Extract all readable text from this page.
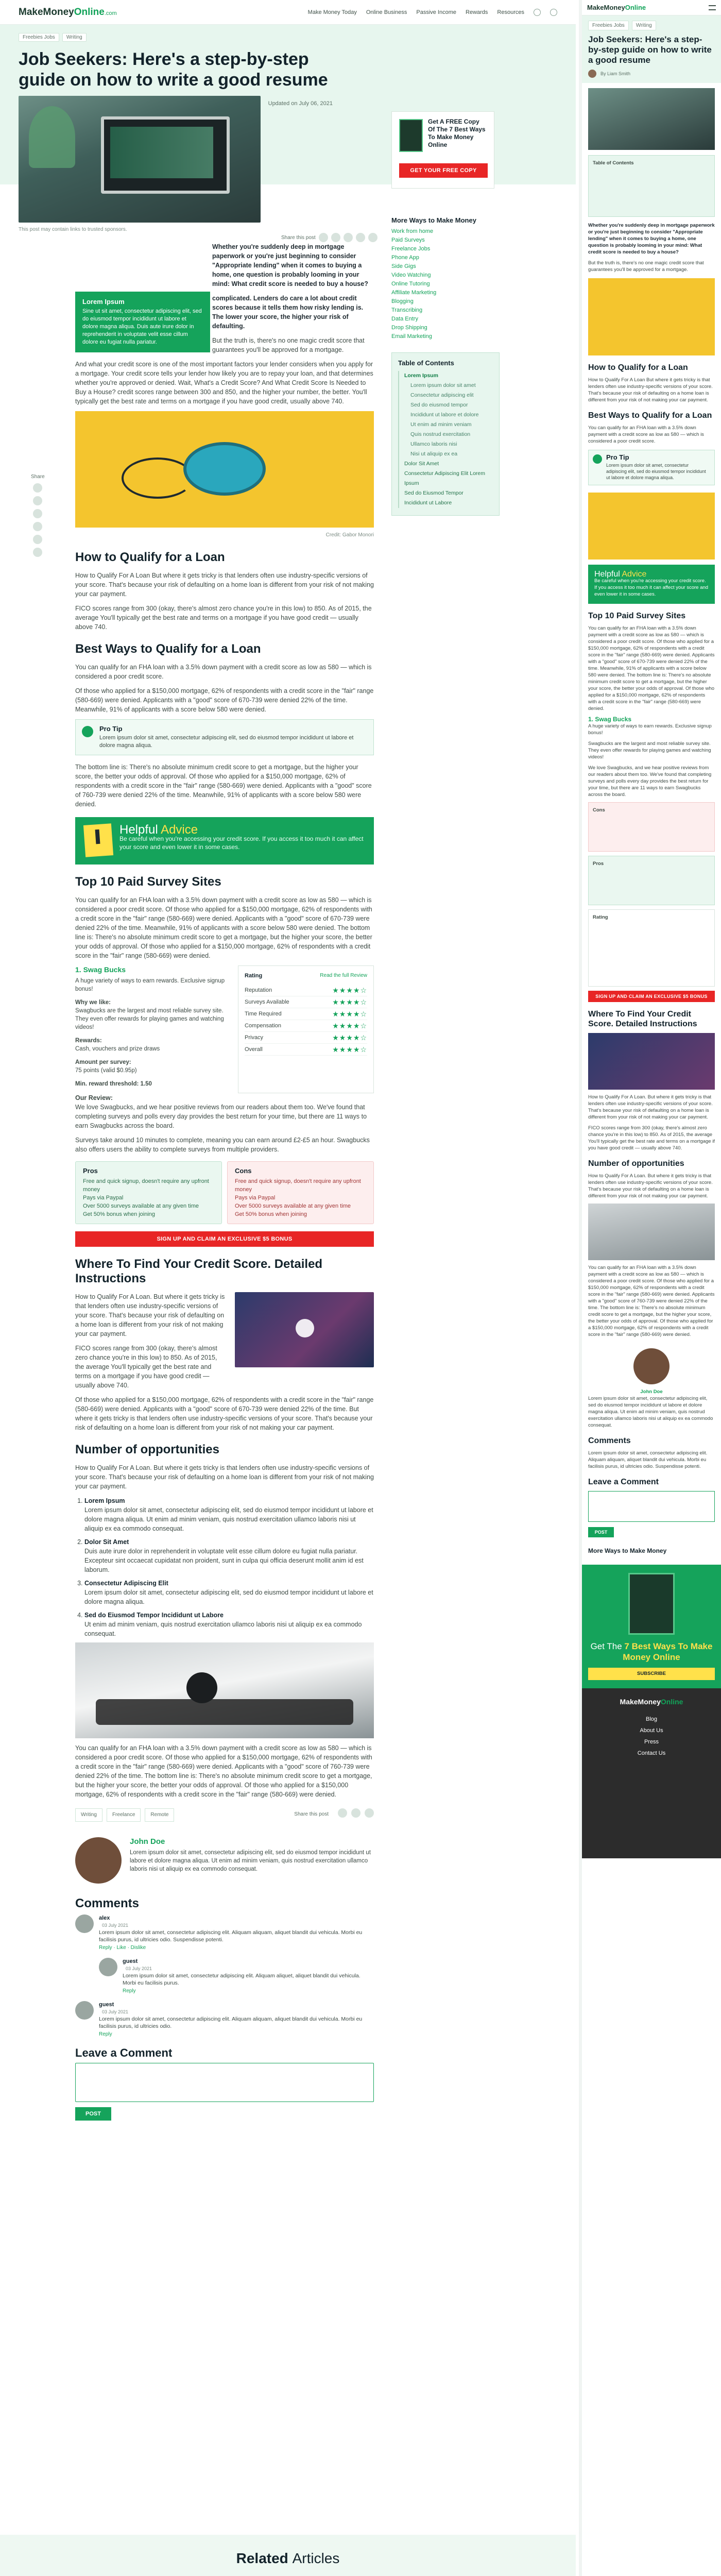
MakeMoneyOnline.com	Make Money Today Online Business Passive Income Rewards Resources
Freebies Jobs	Writing
Job Seekers: Here's a step-by-step guide on how to write a good resume
Updated on July 06, 2021
This post may contain links to trusted sponsors.
Share this post
Get A FREE Copy Of The 7 Best Ways To Make Money Online
GET YOUR FREE COPY
More Ways to Make Money
Work from home
Paid Surveys
Freelance Jobs
Phone App
Side Gigs
Video Watching
Online Tutoring
Affiliate Marketing
Blogging
Transcribing
Data Entry
Drop Shipping
Email Marketing
Table of Contents
Lorem Ipsum
Lorem ipsum dolor sit amet
Consectetur adipiscing elit
Sed do eiusmod tempor
Incididunt ut labore et dolore
Ut enim ad minim veniam
Quis nostrud exercitation
Ullamco laboris nisi
Nisi ut aliquip ex ea
Dolor Sit Amet
Consectetur Adipiscing Elit Lorem Ipsum
Sed do Eiusmod Tempor
Incididunt ut Labore
Share

Whether you're suddenly deep in mortgage paperwork or you're just beginning to consider "Appropriate lending" when it comes to buying a home, one question is probably looming in your mind: What credit score is needed to buy a house?

Lorem Ipsum
Sine ut sit amet, consectetur adipiscing elit, sed do eiusmod tempor incididunt ut labore et dolore magna aliqua. Duis aute irure dolor in reprehenderit in voluptate velit esse cillum dolore eu fugiat nulla pariatur.

complicated. Lenders do care a lot about credit scores because it tells them how risky lending is. The lower your score, the higher your risk of defaulting.

But the truth is, there's no one magic credit score that guarantees you'll be approved for a mortgage.

And what your credit score is one of the most important factors your lender considers when you apply for a mortgage. Your credit score tells your lender how likely you are to repay your loan, and that determines whether you're approved or denied. Wait, What's a Credit Score? And What Credit Score Is Needed to Buy a House? credit scores range between 300 and 850, and the higher your number, the better. You'll typically get the best rate and terms on a mortgage if you have good credit, usually above 740.

Credit: Gabor Monori
How to Qualify for a Loan

How to Qualify For A Loan But where it gets tricky is that lenders often use industry-specific versions of your score. That's because your risk of defaulting on a home loan is different from your risk of not making your car payment.

FICO scores range from 300 (okay, there's almost zero chance you're in this low) to 850. As of 2015, the average You'll typically get the best rate and terms on a mortgage if you have good credit — usually above 740.

Best Ways to Qualify for a Loan

You can qualify for an FHA loan with a 3.5% down payment with a credit score as low as 580 — which is considered a poor credit score.

Of those who applied for a $150,000 mortgage, 62% of respondents with a credit score in the "fair" range (580-669) were denied. Applicants with a "good" score of 670-739 were denied 22% of the time. Meanwhile, 91% of applicants with a score below 580 were denied.

Pro Tip
Lorem ipsum dolor sit amet, consectetur adipiscing elit, sed do eiusmod tempor incididunt ut labore et dolore magna aliqua.

The bottom line is: There's no absolute minimum credit score to get a mortgage, but the higher your score, the better your odds of approval. Of those who applied for a $150,000 mortgage, 62% of respondents with a credit score in the "fair" range (580-669) were denied. Applicants with a "good" score of 760-739 were denied 22% of the time. Meanwhile, 91% of applicants with a score below 580 were denied.

Helpful Advice
Be careful when you're accessing your credit score. If you access it too much it can affect your score and even lower it in some cases.
Top 10 Paid Survey Sites

You can qualify for an FHA loan with a 3.5% down payment with a credit score as low as 580 — which is considered a poor credit score. Of those who applied for a $150,000 mortgage, 62% of respondents with a credit score in the "fair" range (580-669) were denied. Applicants with a "good" score of 670-739 were denied 22% of the time. Meanwhile, 91% of applicants with a score below 580 were denied. The bottom line is: There's no absolute minimum credit score to get a mortgage, but the higher your score, the better your odds of approval. Of those who applied for a $150,000 mortgage, 62% of respondents with a credit score in the "fair" range (580-669) were denied.

1. Swag Bucks

A huge variety of ways to earn rewards. Exclusive signup bonus!

Why we like:
Swagbucks are the largest and most reliable survey site. They even offer rewards for playing games and watching videos!

Rewards:
Cash, vouchers and prize draws

Amount per survey:
75 points (valid $0.95p)

Min. reward threshold: 1.50

Rating	Read the full Review
Reputation	★★★★☆
Surveys Available	★★★★☆
Time Required	★★★★☆
Compensation	★★★★☆
Privacy	★★★★☆
Overall	★★★★☆

Our Review:
We love Swagbucks, and we hear positive reviews from our readers about them too. We've found that completing surveys and polls every day provides the best return for your time, but there are 11 ways to earn Swagbucks across the board.

Surveys take around 10 minutes to complete, meaning you can earn around £2-£5 an hour. Swagbucks also offers users the ability to complete surveys from multiple providers.

Pros
Free and quick signup, doesn't require any upfront money
Pays via Paypal
Over 5000 surveys available at any given time
Get 50% bonus when joining
Cons
Free and quick signup, doesn't require any upfront money
Pays via Paypal
Over 5000 surveys available at any given time
Get 50% bonus when joining
SIGN UP AND CLAIM AN EXCLUSIVE $5 BONUS
Where To Find Your Credit Score. Detailed Instructions

How to Qualify For A Loan. But where it gets tricky is that lenders often use industry-specific versions of your score. That's because your risk of defaulting on a home loan is different from your risk of not making your car payment.

FICO scores range from 300 (okay, there's almost zero chance you're in this low) to 850. As of 2015, the average You'll typically get the best rate and terms on a mortgage if you have good credit — usually above 740.

Of those who applied for a $150,000 mortgage, 62% of respondents with a credit score in the "fair" range (580-669) were denied. Applicants with a "good" score of 670-739 were denied 22% of the time. But where it gets tricky is that lenders often use industry-specific versions of your score. That's because your risk of defaulting on a home loan is different from your risk of not making your car payment.

Number of opportunities

How to Qualify For A Loan. But where it gets tricky is that lenders often use industry-specific versions of your score. That's because your risk of defaulting on a home loan is different from your risk of not making your car payment.

1. Lorem Ipsum
Lorem ipsum dolor sit amet, consectetur adipiscing elit, sed do eiusmod tempor incididunt ut labore et dolore magna aliqua. Ut enim ad minim veniam, quis nostrud exercitation ullamco laboris nisi ut aliquip ex ea commodo consequat.
2. Dolor Sit Amet
Duis aute irure dolor in reprehenderit in voluptate velit esse cillum dolore eu fugiat nulla pariatur. Excepteur sint occaecat cupidatat non proident, sunt in culpa qui officia deserunt mollit anim id est laborum.
3. Consectetur Adipiscing Elit
Lorem ipsum dolor sit amet, consectetur adipiscing elit, sed do eiusmod tempor incididunt ut labore et dolore magna aliqua.
4. Sed do Eiusmod Tempor Incididunt ut Labore
Ut enim ad minim veniam, quis nostrud exercitation ullamco laboris nisi ut aliquip ex ea commodo consequat.

You can qualify for an FHA loan with a 3.5% down payment with a credit score as low as 580 — which is considered a poor credit score. Of those who applied for a $150,000 mortgage, 62% of respondents with a credit score in the "fair" range (580-669) were denied. Applicants with a "good" score of 760-739 were denied 22% of the time. The bottom line is: There's no absolute minimum credit score to get a mortgage, but the higher your score, the better your odds of approval. Of those who applied for a $150,000 mortgage, 62% of respondents with a credit score in the "fair" range (580-669) were denied.

Writing	Freelance	Remote	Share this post
John Doe
Lorem ipsum dolor sit amet, consectetur adipiscing elit, sed do eiusmod tempor incididunt ut labore et dolore magna aliqua. Ut enim ad minim veniam, quis nostrud exercitation ullamco laboris nisi ut aliquip ex ea commodo consequat.
Comments
alex
03 July 2021
Lorem ipsum dolor sit amet, consectetur adipiscing elit. Aliquam aliquam, aliquet blandit dui vehicula. Morbi eu facilisis purus, id ultricies odio. Suspendisse potenti.
Reply · Like · Dislike
guest
03 July 2021
Lorem ipsum dolor sit amet, consectetur adipiscing elit. Aliquam aliquet, aliquet blandit dui vehicula. Morbi eu facilisis purus.
Reply
guest
03 July 2021
Lorem ipsum dolor sit amet, consectetur adipiscing elit. Aliquam aliquam, aliquet blandit dui vehicula. Morbi eu facilisis purus, id ultricies odio.
Reply
Leave a Comment
POST
Related Articles
MakeMoneyOnline
Freebies Jobs	Writing
Job Seekers: Here's a step-by-step guide on how to write a good resume
By Liam Smith
Table of Contents

Whether you're suddenly deep in mortgage paperwork or you're just beginning to consider "Appropriate lending" when it comes to buying a home, one question is probably looming in your mind: What credit score is needed to buy a house?

But the truth is, there's no one magic credit score that guarantees you'll be approved for a mortgage.

How to Qualify for a Loan

How to Qualify For A Loan But where it gets tricky is that lenders often use industry-specific versions of your score. That's because your risk of defaulting on a home loan is different from your risk of not making your car payment.

Best Ways to Qualify for a Loan

You can qualify for an FHA loan with a 3.5% down payment with a credit score as low as 580 — which is considered a poor credit score.

Pro Tip
Lorem ipsum dolor sit amet, consectetur adipiscing elit, sed do eiusmod tempor incididunt ut labore et dolore magna aliqua.
Helpful Advice
Be careful when you're accessing your credit score. If you access it too much it can affect your score and even lower it in some cases.
Top 10 Paid Survey Sites

You can qualify for an FHA loan with a 3.5% down payment with a credit score as low as 580 — which is considered a poor credit score. Of those who applied for a $150,000 mortgage, 62% of respondents with a credit score in the "fair" range (580-669) were denied. Applicants with a "good" score of 670-739 were denied 22% of the time. Meanwhile, 91% of applicants with a score below 580 were denied. The bottom line is: There's no absolute minimum credit score to get a mortgage, but the higher your score, the better your odds of approval. Of those who applied for a $150,000 mortgage, 62% of respondents with a credit score in the "fair" range (580-669) were denied.

1. Swag Bucks

A huge variety of ways to earn rewards. Exclusive signup bonus!

Swagbucks are the largest and most reliable survey site. They even offer rewards for playing games and watching videos!

We love Swagbucks, and we hear positive reviews from our readers about them too. We've found that completing surveys and polls every day provides the best return for your time, but there are 11 ways to earn Swagbucks across the board.

Cons
Pros
Rating
SIGN UP AND CLAIM AN EXCLUSIVE $5 BONUS
Where To Find Your Credit Score. Detailed Instructions

How to Qualify For A Loan. But where it gets tricky is that lenders often use industry-specific versions of your score. That's because your risk of defaulting on a home loan is different from your risk of not making your car payment.

FICO scores range from 300 (okay, there's almost zero chance you're in this low) to 850. As of 2015, the average You'll typically get the best rate and terms on a mortgage if you have good credit — usually above 740.

Number of opportunities

How to Qualify For A Loan. But where it gets tricky is that lenders often use industry-specific versions of your score. That's because your risk of defaulting on a home loan is different from your risk of not making your car payment.

You can qualify for an FHA loan with a 3.5% down payment with a credit score as low as 580 — which is considered a poor credit score. Of those who applied for a $150,000 mortgage, 62% of respondents with a credit score in the "fair" range (580-669) were denied. Applicants with a "good" score of 760-739 were denied 22% of the time. The bottom line is: There's no absolute minimum credit score to get a mortgage, but the higher your score, the better your odds of approval. Of those who applied for a $150,000 mortgage, 62% of respondents with a credit score in the "fair" range (580-669) were denied.

John Doe

Lorem ipsum dolor sit amet, consectetur adipiscing elit, sed do eiusmod tempor incididunt ut labore et dolore magna aliqua. Ut enim ad minim veniam, quis nostrud exercitation ullamco laboris nisi ut aliquip ex ea commodo consequat.

Comments

Lorem ipsum dolor sit amet, consectetur adipiscing elit. Aliquam aliquam, aliquet blandit dui vehicula. Morbi eu facilisis purus, id ultricies odio. Suspendisse potenti.

Leave a Comment
POST
More Ways to Make Money
Get The 7 Best Ways To Make Money Online
SUBSCRIBE
MakeMoneyOnline
Blog
About Us
Press
Contact Us
